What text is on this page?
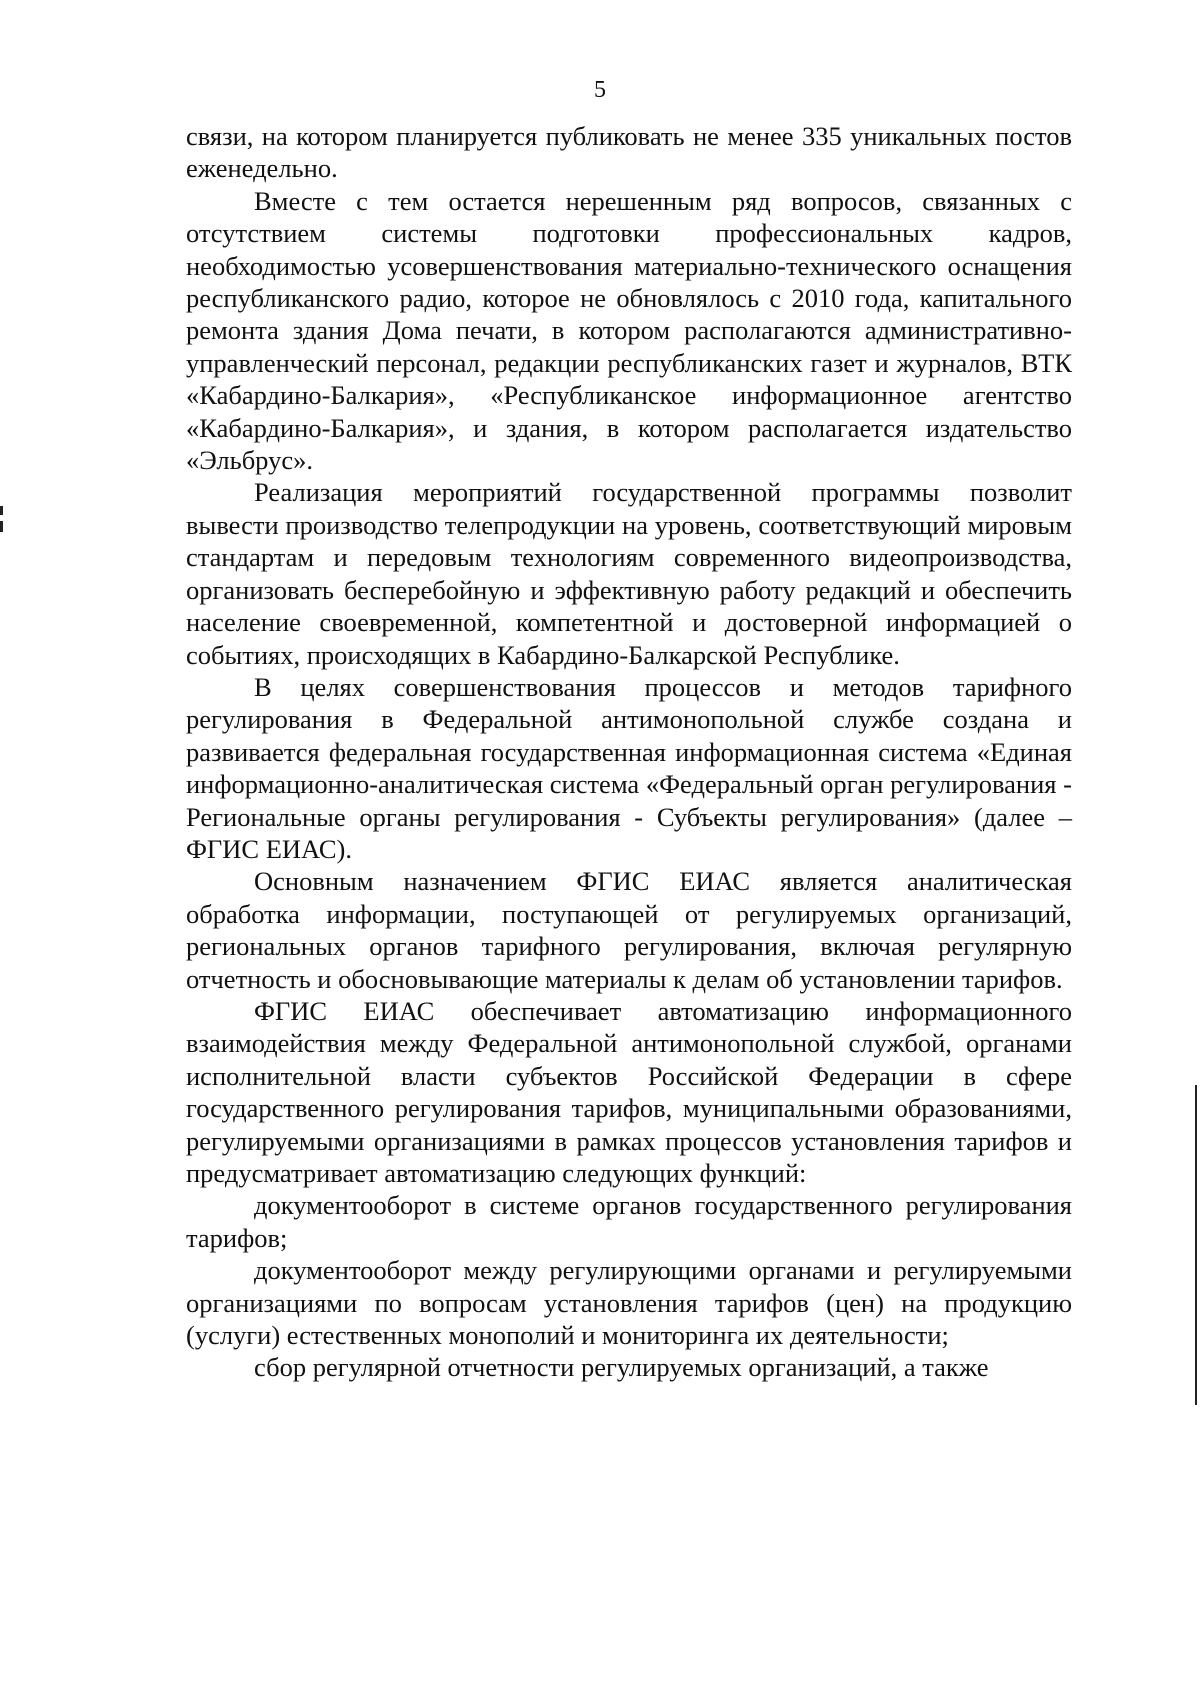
5

связи, на котором планируется публиковать не менее 335 уникальных постов еженедельно.

Вместе с тем остается нерешенным ряд вопросов, связанных с отсутствием системы подготовки профессиональных кадров, необходимостью усовершенствования материально-технического оснащения республиканского радио, которое не обновлялось с 2010 года, капитального ремонта здания Дома печати, в котором располагаются административно-управленческий персонал, редакции республиканских газет и журналов, ВТК «Кабардино-Балкария», «Республиканское информационное агентство «Кабардино-Балкария», и здания, в котором располагается издательство «Эльбрус».

Реализация мероприятий государственной программы позволит вывести производство телепродукции на уровень, соответствующий мировым стандартам и передовым технологиям современного видеопроизводства, организовать бесперебойную и эффективную работу редакций и обеспечить население своевременной, компетентной и достоверной информацией о событиях, происходящих в Кабардино-Балкарской Республике.

В целях совершенствования процессов и методов тарифного регулирования в Федеральной антимонопольной службе создана и развивается федеральная государственная информационная система «Единая информационно-аналитическая система «Федеральный орган регулирования - Региональные органы регулирования - Субъекты регулирования» (далее – ФГИС ЕИАС).

Основным назначением ФГИС ЕИАС является аналитическая обработка информации, поступающей от регулируемых организаций, региональных органов тарифного регулирования, включая регулярную отчетность и обосновывающие материалы к делам об установлении тарифов.

ФГИС ЕИАС обеспечивает автоматизацию информационного взаимодействия между Федеральной антимонопольной службой, органами исполнительной власти субъектов Российской Федерации в сфере государственного регулирования тарифов, муниципальными образованиями, регулируемыми организациями в рамках процессов установления тарифов и предусматривает автоматизацию следующих функций:

документооборот в системе органов государственного регулирования тарифов;

документооборот между регулирующими органами и регулируемыми организациями по вопросам установления тарифов (цен) на продукцию (услуги) естественных монополий и мониторинга их деятельности;

сбор регулярной отчетности регулируемых организаций, а также
